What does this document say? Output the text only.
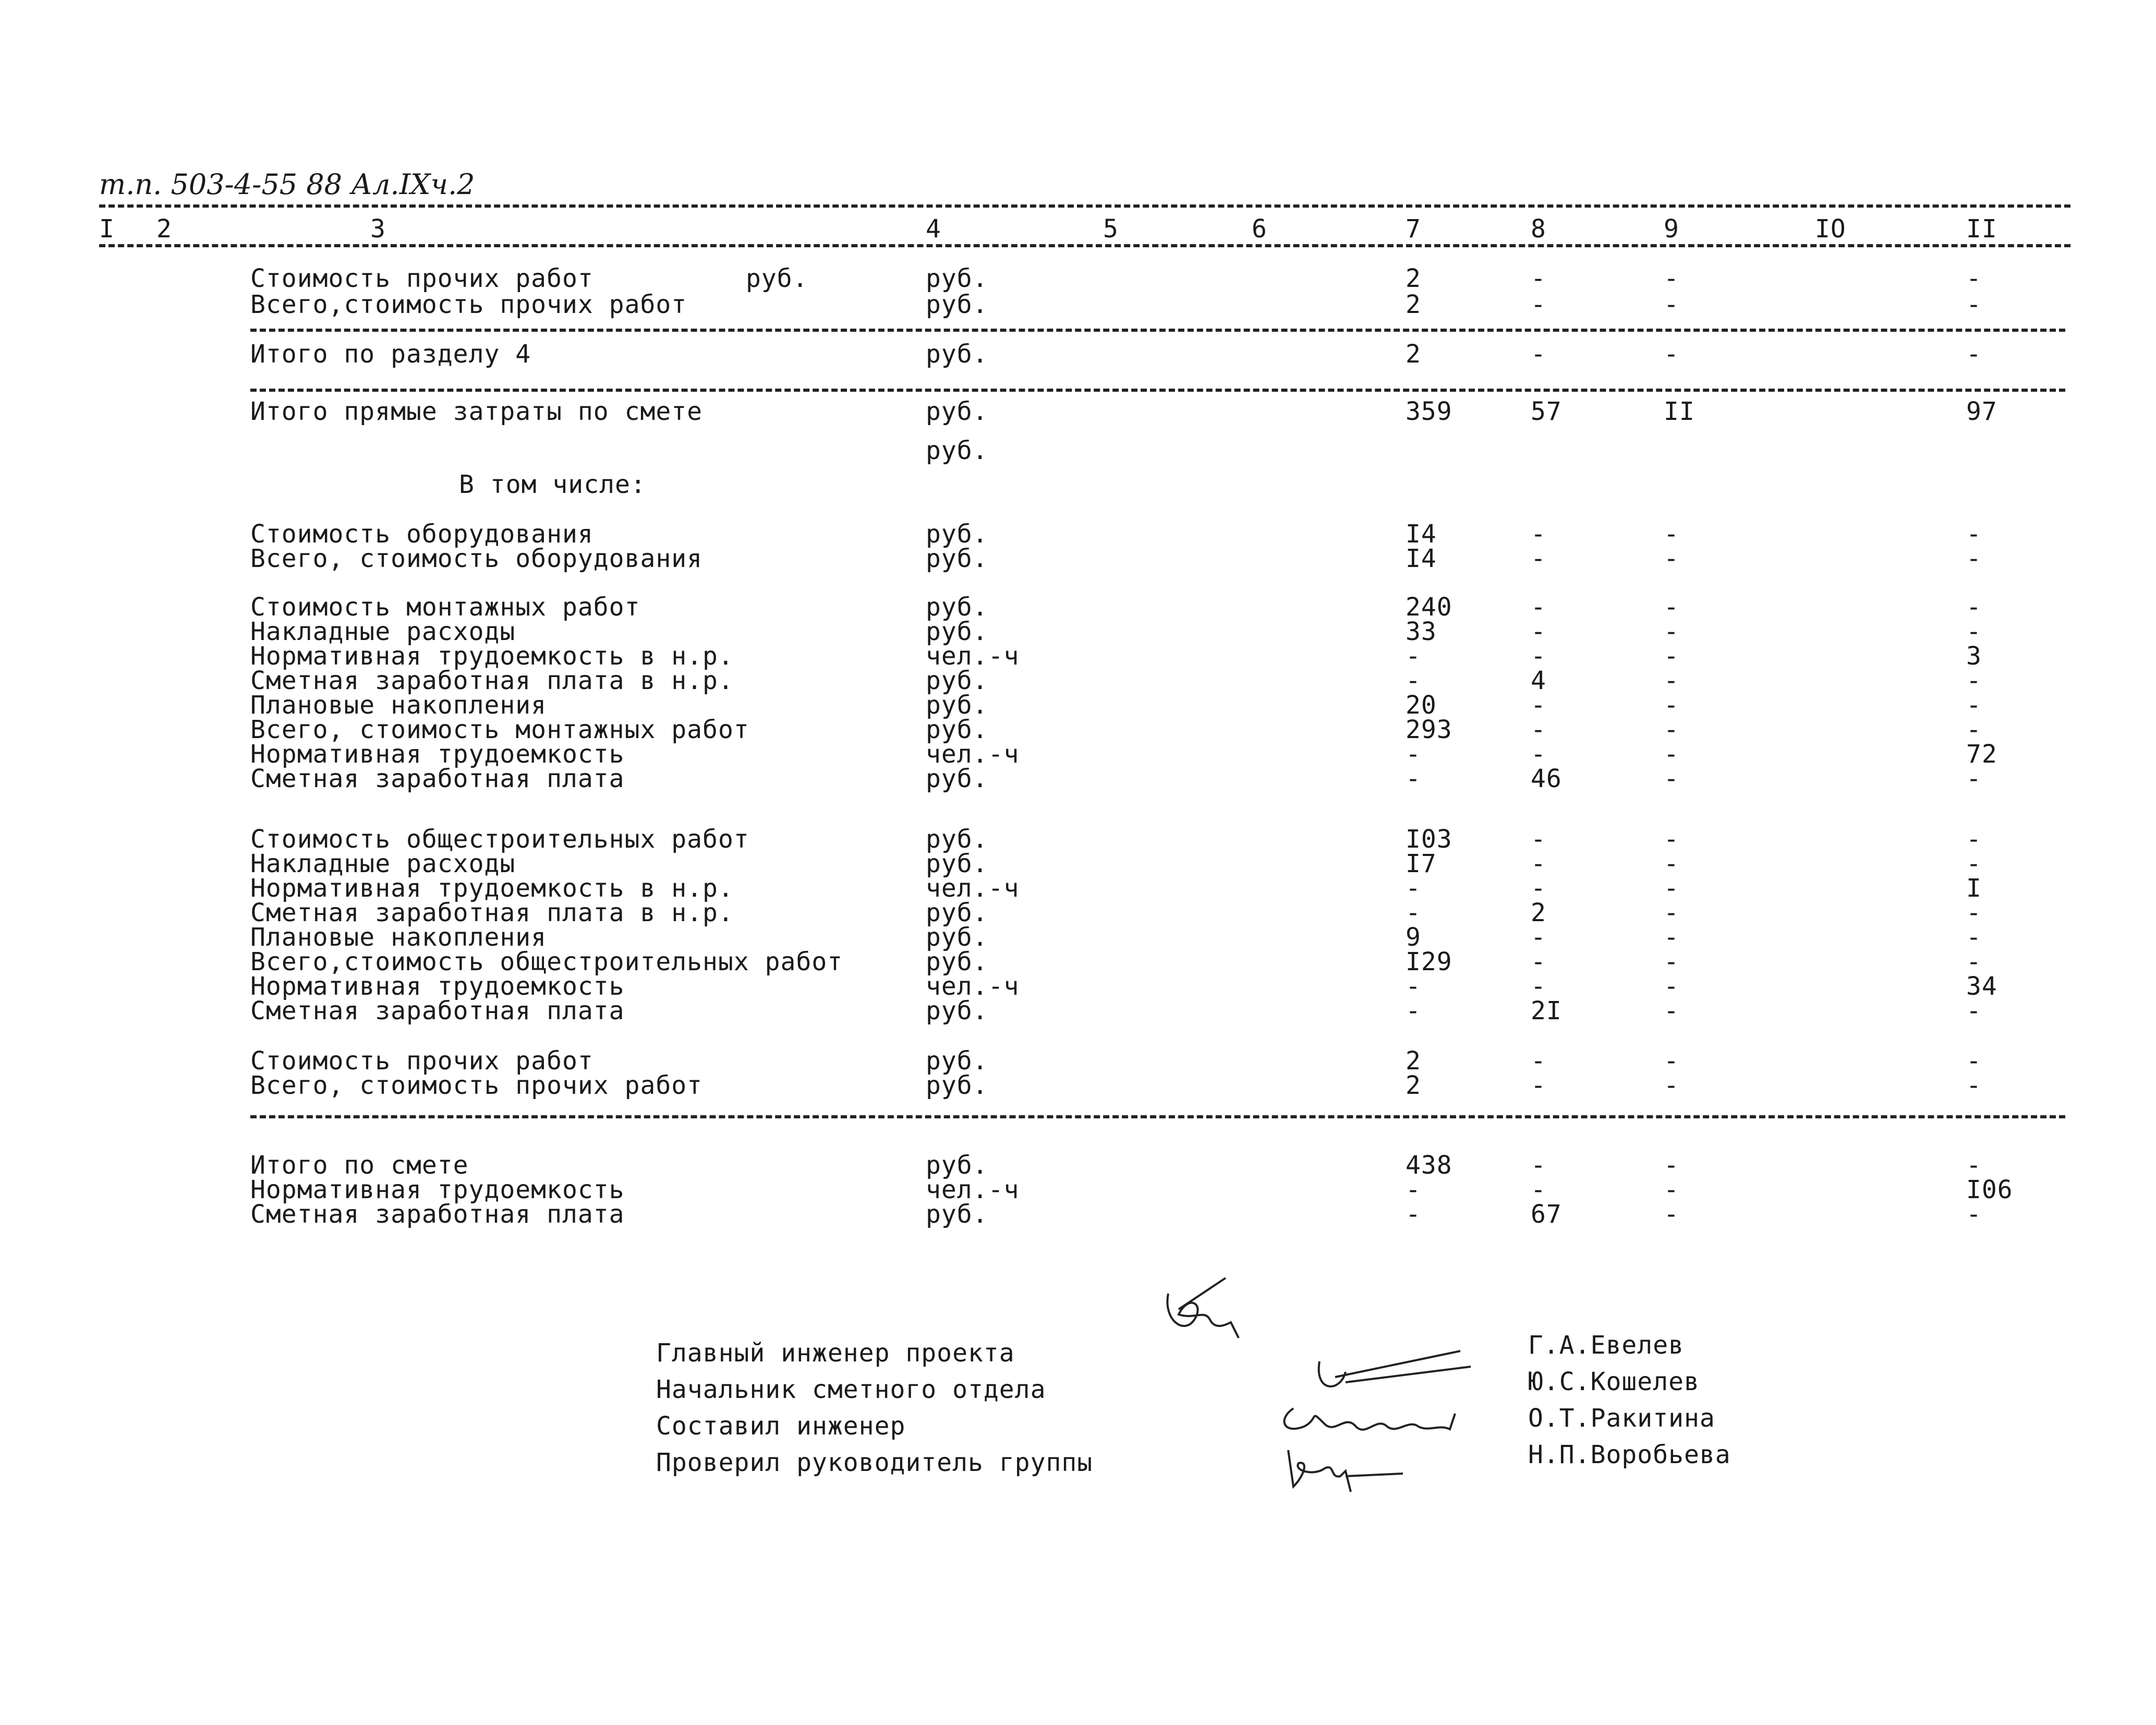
т.п. 503-4-55 88 Ал.IXч.2
I 2	3	4	5	6	7	8	9	IO	II
Стоимость прочих работ	руб.	руб.	2	-	-	-
Всего,стоимость прочих работ	руб.	2	-	-	-
Итого по разделу 4	руб.	2	-	-	-
Итого прямые затраты по смете	руб.	359	57	II	97
руб.
В том числе:
Стоимость оборудования	руб.	I4	-	-	-
Всего, стоимость оборудования	руб.	I4	-	-	-
Стоимость монтажных работ	руб.	240	-	-	-
Накладные расходы	руб.	33	-	-	-
Нормативная трудоемкость в н.р.	чел.-ч	-	-	-	3
Сметная заработная плата в н.р.	руб.	-	4	-	-
Плановые накопления	руб.	20	-	-	-
Всего, стоимость монтажных работ	руб.	293	-	-	-
Нормативная трудоемкость	чел.-ч	-	-	-	72
Сметная заработная плата	руб.	-	46	-	-
Стоимость общестроительных работ	руб.	I03	-	-	-
Накладные расходы	руб.	I7	-	-	-
Нормативная трудоемкость в н.р.	чел.-ч	-	-	-	I
Сметная заработная плата в н.р.	руб.	-	2	-	-
Плановые накопления	руб.	9	-	-	-
Всего,стоимость общестроительных работ	руб.	I29	-	-	-
Нормативная трудоемкость	чел.-ч	-	-	-	34
Сметная заработная плата	руб.	-	2I	-	-
Стоимость прочих работ	руб.	2	-	-	-
Всего, стоимость прочих работ	руб.	2	-	-	-
Итого по смете	руб.	438	-	-	-
Нормативная трудоемкость	чел.-ч	-	-	-	I06
Сметная заработная плата	руб.	-	67	-	-
Главный инженер проекта
Начальник сметного отдела
Составил инженер
Проверил руководитель группы
Г.А.Евелев
Ю.С.Кошелев
О.Т.Ракитина
Н.П.Воробьева
